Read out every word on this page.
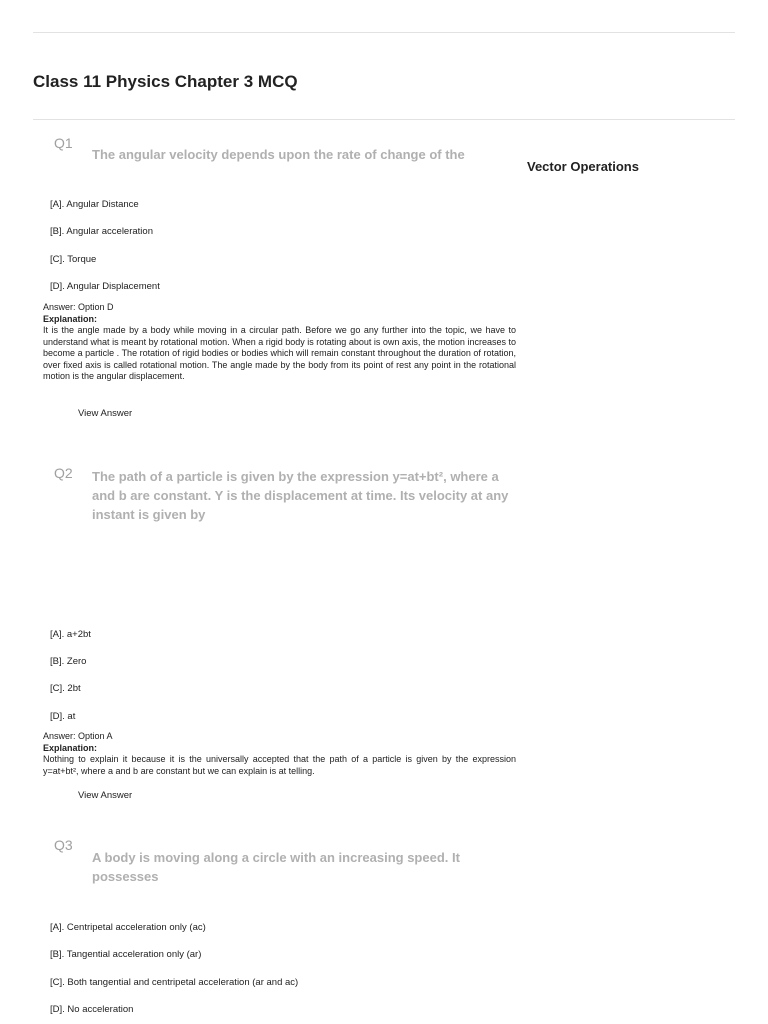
Class 11 Physics Chapter 3 MCQ
Vector Operations
Q1
The angular velocity depends upon the rate of change of the
[A]. Angular Distance
[B]. Angular acceleration
[C]. Torque
[D]. Angular Displacement
Answer: Option D
Explanation:
It is the angle made by a body while moving in a circular path. Before we go any further into the topic, we have to understand what is meant by rotational motion. When a rigid body is rotating about is own axis, the motion increases to become a particle . The rotation of rigid bodies or bodies which will remain constant throughout the duration of rotation, over fixed axis is called rotational motion. The angle made by the body from its point of rest any point in the rotational motion is the angular displacement.
View Answer
Q2 The path of a particle is given by the expression y=at+bt², where a and b are constant. Y is the displacement at time. Its velocity at any instant is given by
[A]. a+2bt
[B]. Zero
[C]. 2bt
[D]. at
Answer: Option A
Explanation:
Nothing to explain it because it is the universally accepted that the path of a particle is given by the expression y=at+bt², where a and b are constant but we can explain is at telling.
View Answer
Q3
A body is moving along a circle with an increasing speed. It possesses
[A]. Centripetal acceleration only (ac)
[B]. Tangential acceleration only (ar)
[C]. Both tangential and centripetal acceleration (ar and ac)
[D]. No acceleration
